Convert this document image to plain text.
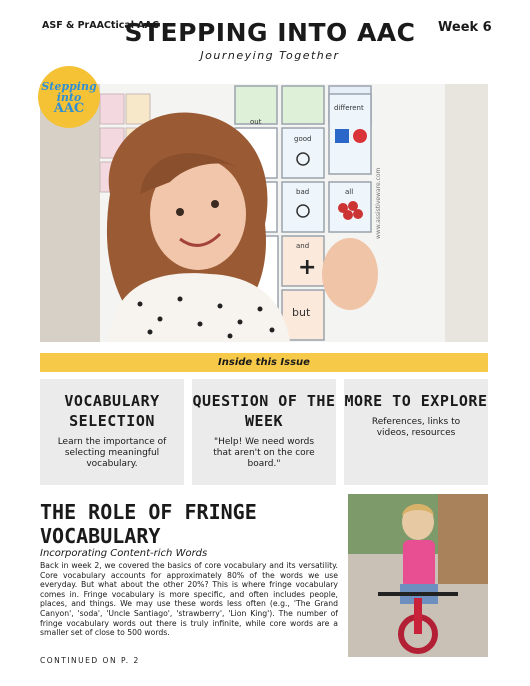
ASF & PrAACtical AAC
STEPPING INTO AAC
Journeying Together
Week 6
good
different
out
bad	all
and
but
+
www.assistiveware.com
Stepping
into
AAC
Inside this Issue
VOCABULARY SELECTION

Learn the importance of selecting meaningful vocabulary.

QUESTION OF THE WEEK

"Help! We need words that aren't on the core board."

MORE TO EXPLORE

References, links to videos, resources

THE ROLE OF FRINGE VOCABULARY
Incorporating Content-rich Words
Back in week 2, we covered the basics of core vocabulary and its versatility. Core vocabulary accounts for approximately 80% of the words we use everyday. But what about the other 20%? This is where fringe vocabulary comes in. Fringe vocabulary is more specific, and often includes people, places, and things. We may use these words less often (e.g., 'The Grand Canyon', 'soda', 'Uncle Santiago', 'strawberry', 'Lion King'). The number of fringe vocabulary words out there is truly infinite, while core words are a smaller set of close to 500 words.
CONTINUED ON P. 2
